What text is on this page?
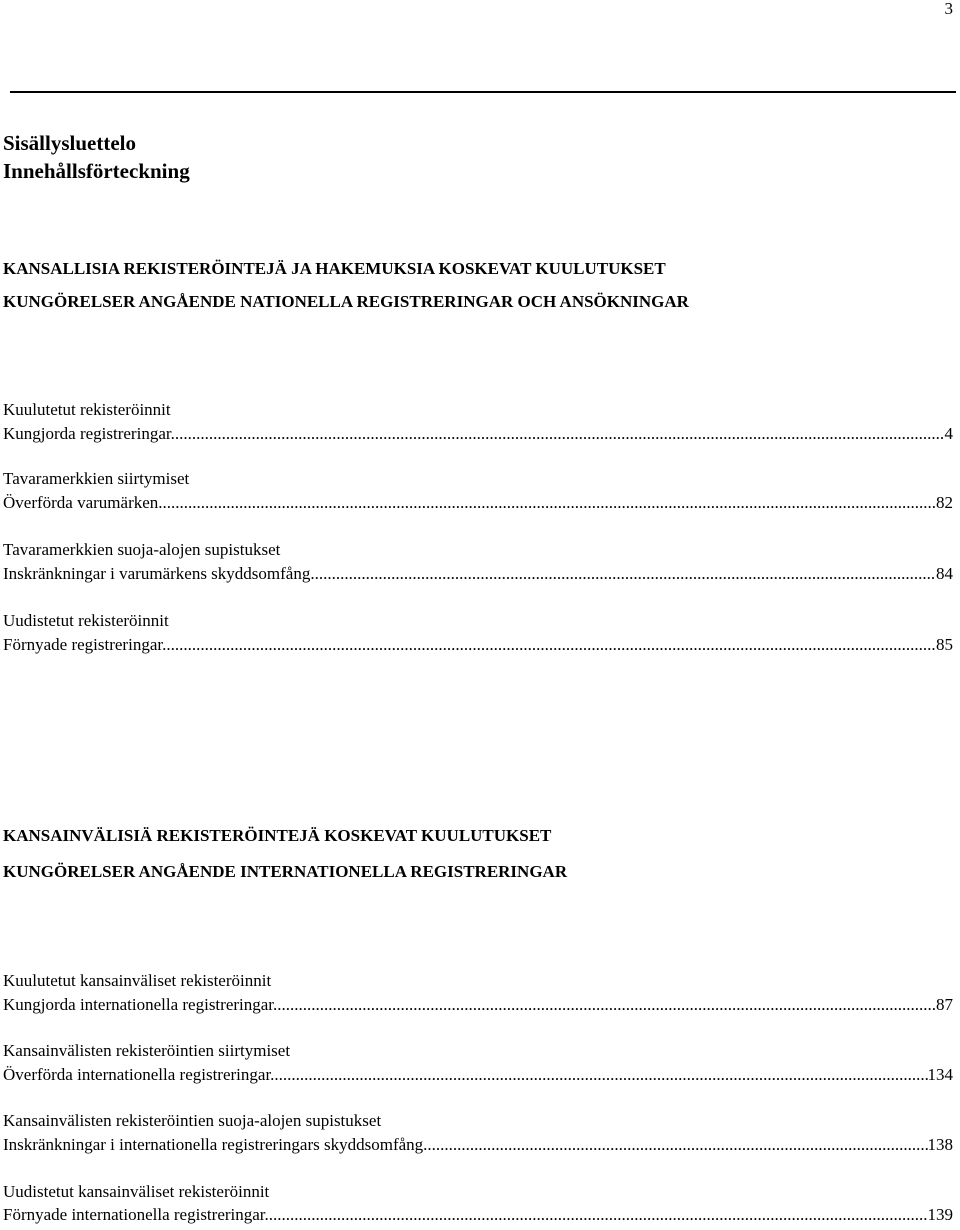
3
Sisällysluettelo
Innehållsförteckning
KANSALLISIA REKISTERÖINTEJÄ JA HAKEMUKSIA KOSKEVAT KUULUTUKSET
KUNGÖRELSER ANGÅENDE NATIONELLA REGISTRERINGAR OCH ANSÖKNINGAR
Kuulutetut rekisteröinnit
Kungjorda registreringar. .....	4
Tavaramerkkien siirtymiset
Överförda varumärken. .....	82
Tavaramerkkien suoja-alojen supistukset
Inskränkningar i varumärkens skyddsomfång. .....	84
Uudistetut rekisteröinnit
Förnyade registreringar. .....	85
KANSAINVÄLISIÄ REKISTERÖINTEJÄ KOSKEVAT KUULUTUKSET
KUNGÖRELSER ANGÅENDE INTERNATIONELLA REGISTRERINGAR
Kuulutetut kansainväliset rekisteröinnit
Kungjorda internationella registreringar. .....	87
Kansainvälisten rekisteröintien siirtymiset
Överförda internationella registreringar. .....	134
Kansainvälisten rekisteröintien suoja-alojen supistukset
Inskränkningar i internationella registreringars skyddsomfång .....	138
Uudistetut kansainväliset rekisteröinnit
Förnyade internationella registreringar. .....	139
